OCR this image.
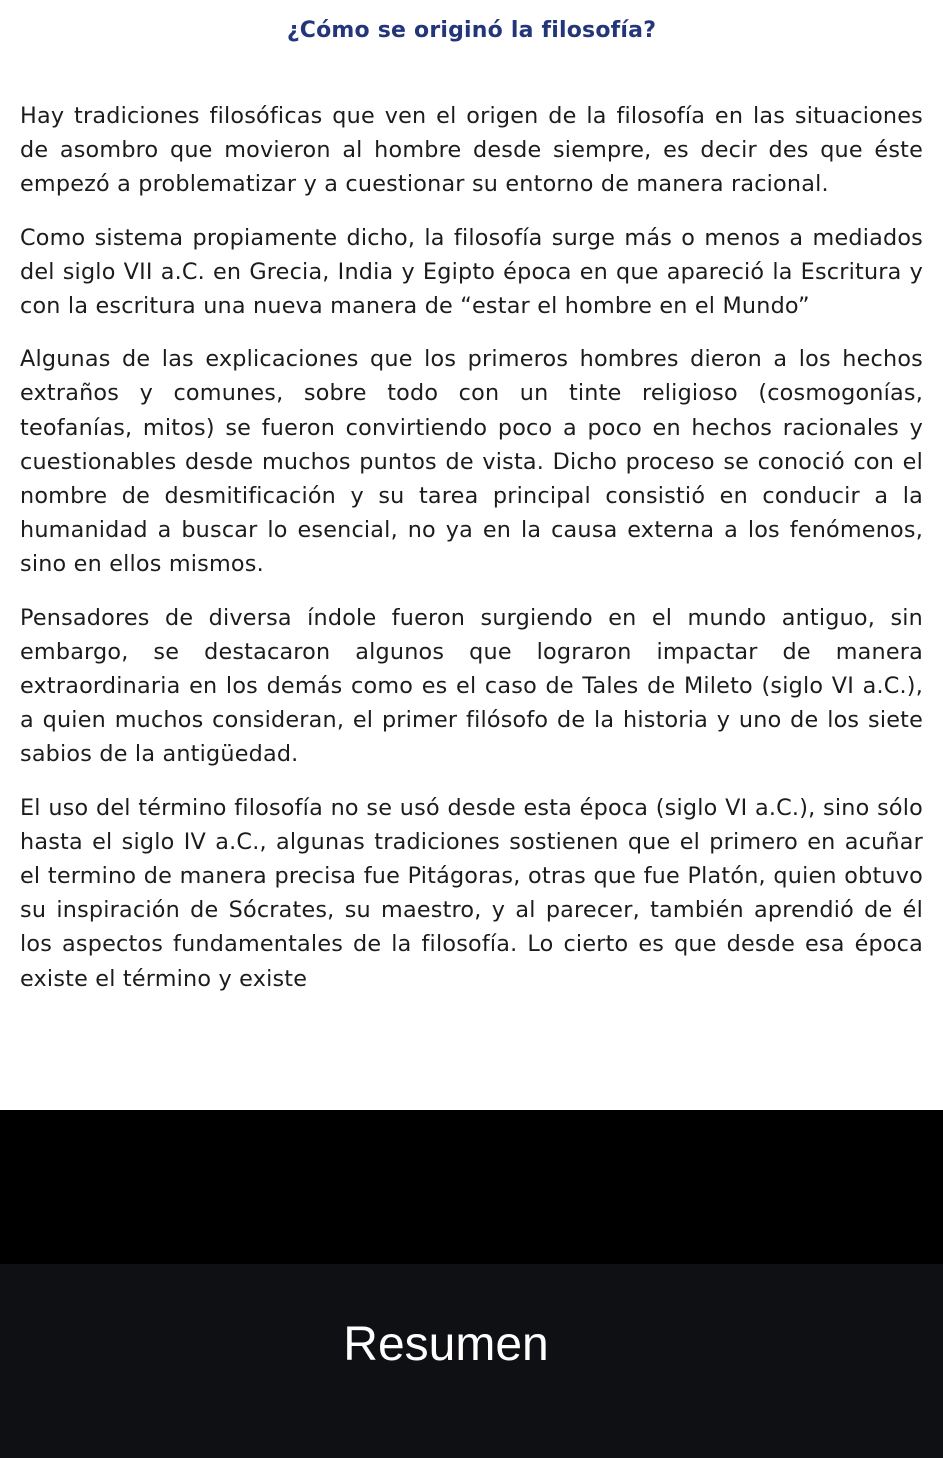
¿Cómo se originó la filosofía?

Hay tradiciones filosóficas que ven el origen de la filosofía en las situaciones de asombro que movieron al hombre desde siempre, es decir des que éste empezó a problematizar y a cuestionar su entorno de manera racional.

Como sistema propiamente dicho, la filosofía surge más o menos a mediados del siglo VII a.C. en Grecia, India y Egipto época en que apareció la Escritura y con la escritura una nueva manera de “estar el hombre en el Mundo”

Algunas de las explicaciones que los primeros hombres dieron a los hechos extraños y comunes, sobre todo con un tinte religioso (cosmogonías, teofanías, mitos) se fueron convirtiendo poco a poco en hechos racionales y cuestionables desde muchos puntos de vista. Dicho proceso se conoció con el nombre de desmitificación y su tarea principal consistió en conducir a la humanidad a buscar lo esencial, no ya en la causa externa a los fenómenos, sino en ellos mismos.

Pensadores de diversa índole fueron surgiendo en el mundo antiguo, sin embargo, se destacaron algunos que lograron impactar de manera extraordinaria en los demás como es el caso de Tales de Mileto (siglo VI a.C.), a quien muchos consideran, el primer filósofo de la historia y uno de los siete sabios de la antigüedad.

El uso del término filosofía no se usó desde esta época (siglo VI a.C.), sino sólo hasta el siglo IV a.C., algunas tradiciones sostienen que el primero en acuñar el termino de manera precisa fue Pitágoras, otras que fue Platón, quien obtuvo su inspiración de Sócrates, su maestro, y al parecer, también aprendió de él los aspectos fundamentales de la filosofía. Lo cierto es que desde esa época existe el término y existe

Resumen
